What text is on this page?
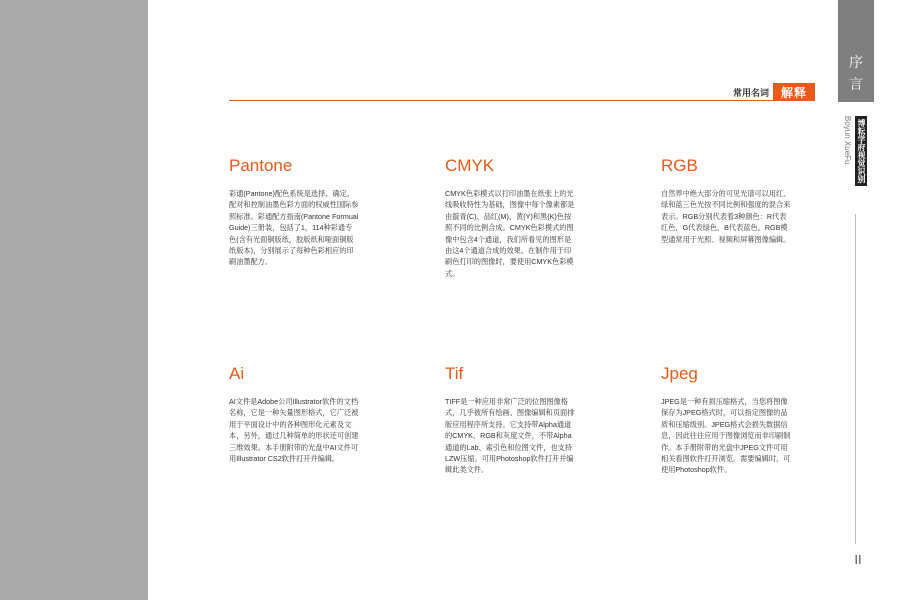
常用名词 解释
序
言
Boyun XueFu 博耘学府视觉识别
II
Pantone

彩通(Pantone)配色系统是选择、确定、配对和控制油墨色彩方面的权威性国际参照标准。彩通配方指南(Pantone Formual Guide)三册装，包括了1，114种彩通专色(含有光面铜版纸，胶版纸和哑面铜版纸版本)，分别展示了每种色彩相应的印刷油墨配方。

CMYK

CMYK色彩模式以打印油墨在纸张上的光线吸收特性为基础，图像中每个像素都是由靛青(C)、品红(M)、黄(Y)和黑(K)色按照不同的比例合成。CMYK色彩模式的图像中包含4个通道，我们所看见的图形是由这4个通道合成的效果。在制作用于印刷色打印的图像时，要使用CMYK色彩模式。

RGB

自然界中绝大部分的可见光谱可以用红、绿和蓝三色光按不同比例和强度的混合来表示。RGB分别代表着3种颜色：R代表红色，G代表绿色、B代表蓝色。RGB模型通常用于光照、视频和屏幕图像编辑。

Ai

AI文件是Adobe公司Illustrator软件的文档名称，它是一种矢量图形格式，它广泛被用于平面设计中的各种图形化元素及文本，另外，通过几种简单的形状还可创建三维效果。本手册附带的光盘中AI文件可用Illustrator CS2软件打开并编辑。

Tif

TIFF是一种应用非常广泛的位图图像格式，几乎被所有绘画、图像编辑和页面排版应用程序所支持。它支持带Alpha通道的CMYK、RGB和灰度文件，不带Alpha通道的Lab、索引色和位图文件，也支持LZW压缩。可用Photoshop软件打开并编辑此类文件。

Jpeg

JPEG是一种有损压缩格式，当您将图像保存为JPEG格式时，可以指定图像的品质和压缩级别。JPEG格式会损失数据信息，因此往往应用于图像浏览而非印刷制作。本手册附带的光盘中JPEG文件可用相关看图软件打开浏览。需要编辑时，可使用Photoshop软件。
